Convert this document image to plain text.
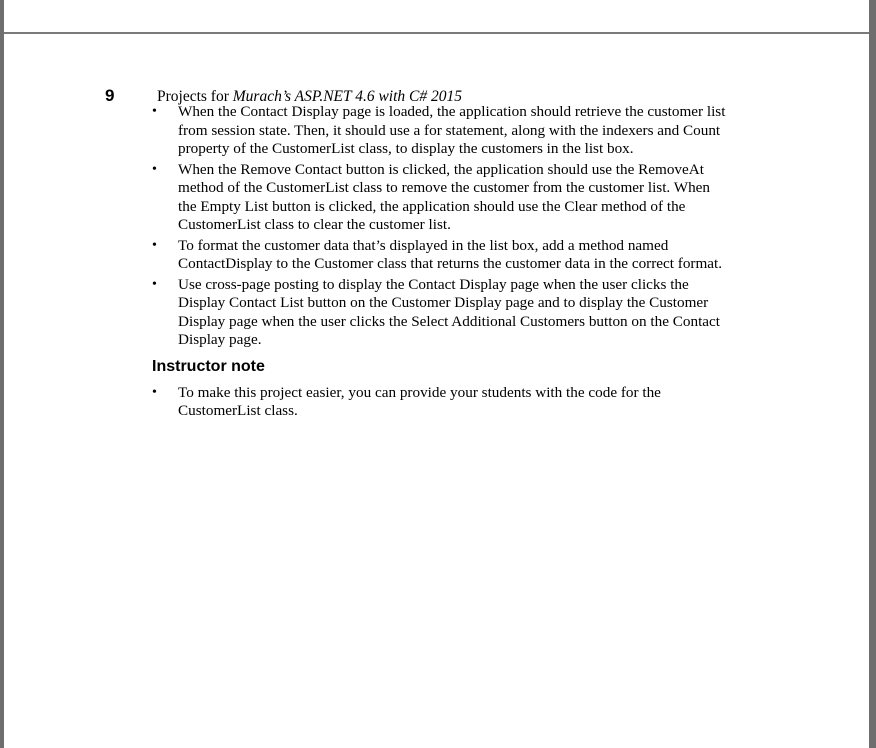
9	Projects for Murach’s ASP.NET 4.6 with C# 2015
• When the Contact Display page is loaded, the application should retrieve the customer list from session state. Then, it should use a for statement, along with the indexers and Count property of the CustomerList class, to display the customers in the list box.
• When the Remove Contact button is clicked, the application should use the RemoveAt method of the CustomerList class to remove the customer from the customer list. When the Empty List button is clicked, the application should use the Clear method of the CustomerList class to clear the customer list.
• To format the customer data that’s displayed in the list box, add a method named ContactDisplay to the Customer class that returns the customer data in the correct format.
• Use cross-page posting to display the Contact Display page when the user clicks the Display Contact List button on the Customer Display page and to display the Customer Display page when the user clicks the Select Additional Customers button on the Contact Display page.
Instructor note
• To make this project easier, you can provide your students with the code for the CustomerList class.
